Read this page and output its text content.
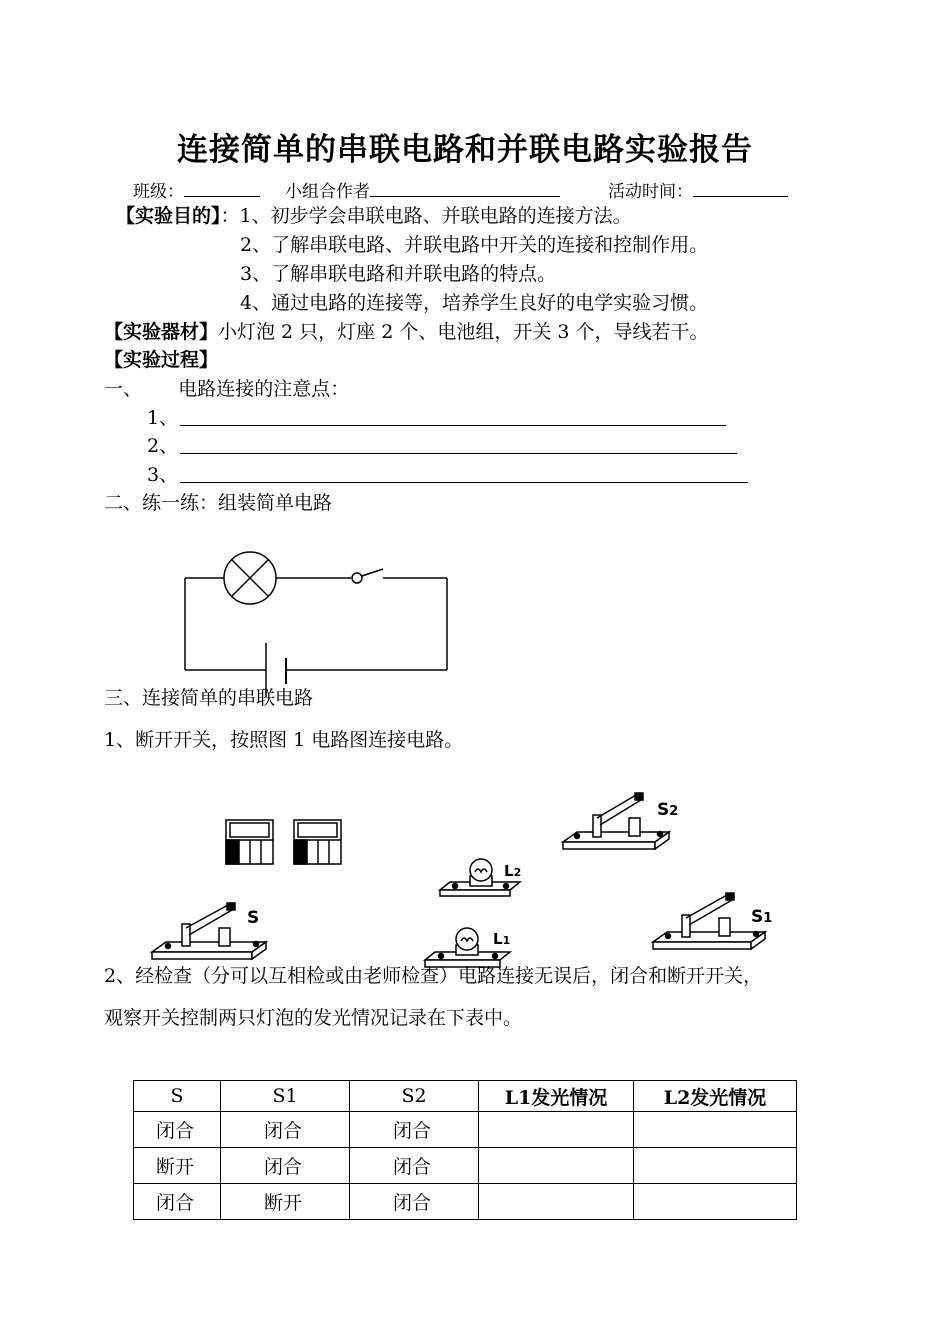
连接简单的串联电路和并联电路实验报告
班级：	小组合作者	活动时间：
【实验目的】：1、初步学会串联电路、并联电路的连接方法。
2、了解串联电路、并联电路中开关的连接和控制作用。
3、了解串联电路和并联电路的特点。
4、通过电路的连接等，培养学生良好的电学实验习惯。
【实验器材】小灯泡 2 只，灯座 2 个、电池组，开关 3 个，导线若干。
【实验过程】
一、      电路连接的注意点：
1、
2、
3、
二、练一练：组装简单电路
三、连接简单的串联电路
1、断开开关，按照图 1 电路图连接电路。
S2
L2
S	S1
L1
2、经检查（分可以互相检或由老师检查）电路连接无误后，闭合和断开开关，
观察开关控制两只灯泡的发光情况记录在下表中。
S	S1	S2	L1发光情况	L2发光情况
闭合	闭合	闭合		
断开	闭合	闭合		
闭合	断开	闭合		
